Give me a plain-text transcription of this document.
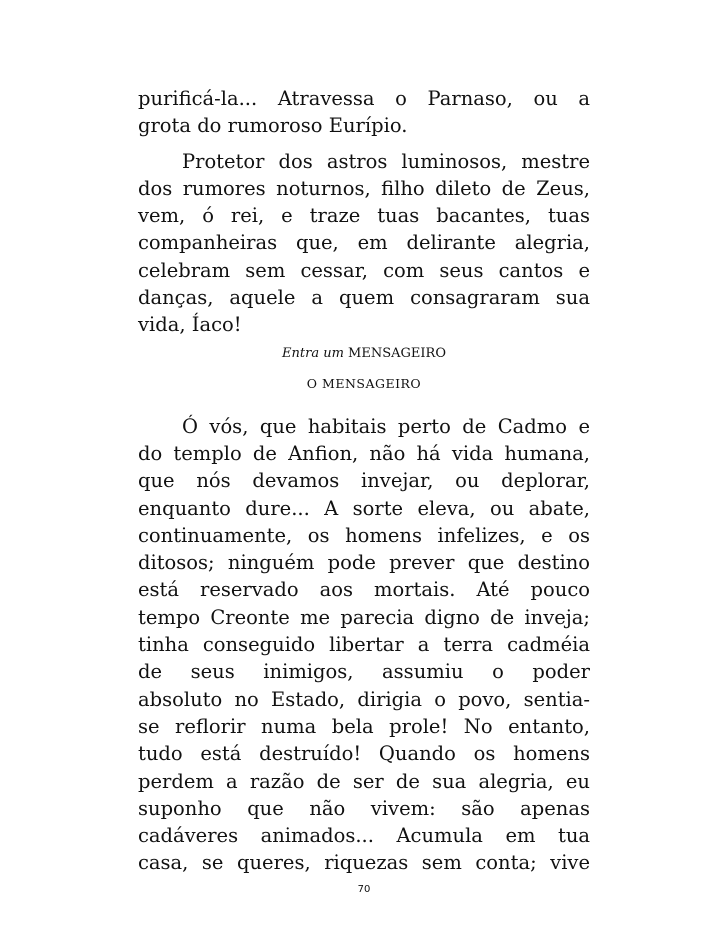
purificá-la... Atravessa o Parnaso, ou a
grota do rumoroso Eurípio.
Protetor dos astros luminosos, mestre
dos rumores noturnos, filho dileto de Zeus,
vem, ó rei, e traze tuas bacantes, tuas
companheiras que, em delirante alegria,
celebram sem cessar, com seus cantos e
danças, aquele a quem consagraram sua
vida, Íaco!
Entra um MENSAGEIRO
O MENSAGEIRO
Ó vós, que habitais perto de Cadmo e
do templo de Anfion, não há vida humana,
que nós devamos invejar, ou deplorar,
enquanto dure... A sorte eleva, ou abate,
continuamente, os homens infelizes, e os
ditosos; ninguém pode prever que destino
está reservado aos mortais. Até pouco
tempo Creonte me parecia digno de inveja;
tinha conseguido libertar a terra cadméia
de seus inimigos, assumiu o poder
absoluto no Estado, dirigia o povo, sentia-
se reflorir numa bela prole! No entanto,
tudo está destruído! Quando os homens
perdem a razão de ser de sua alegria, eu
suponho que não vivem: são apenas
cadáveres animados... Acumula em tua
casa, se queres, riquezas sem conta; vive
70
